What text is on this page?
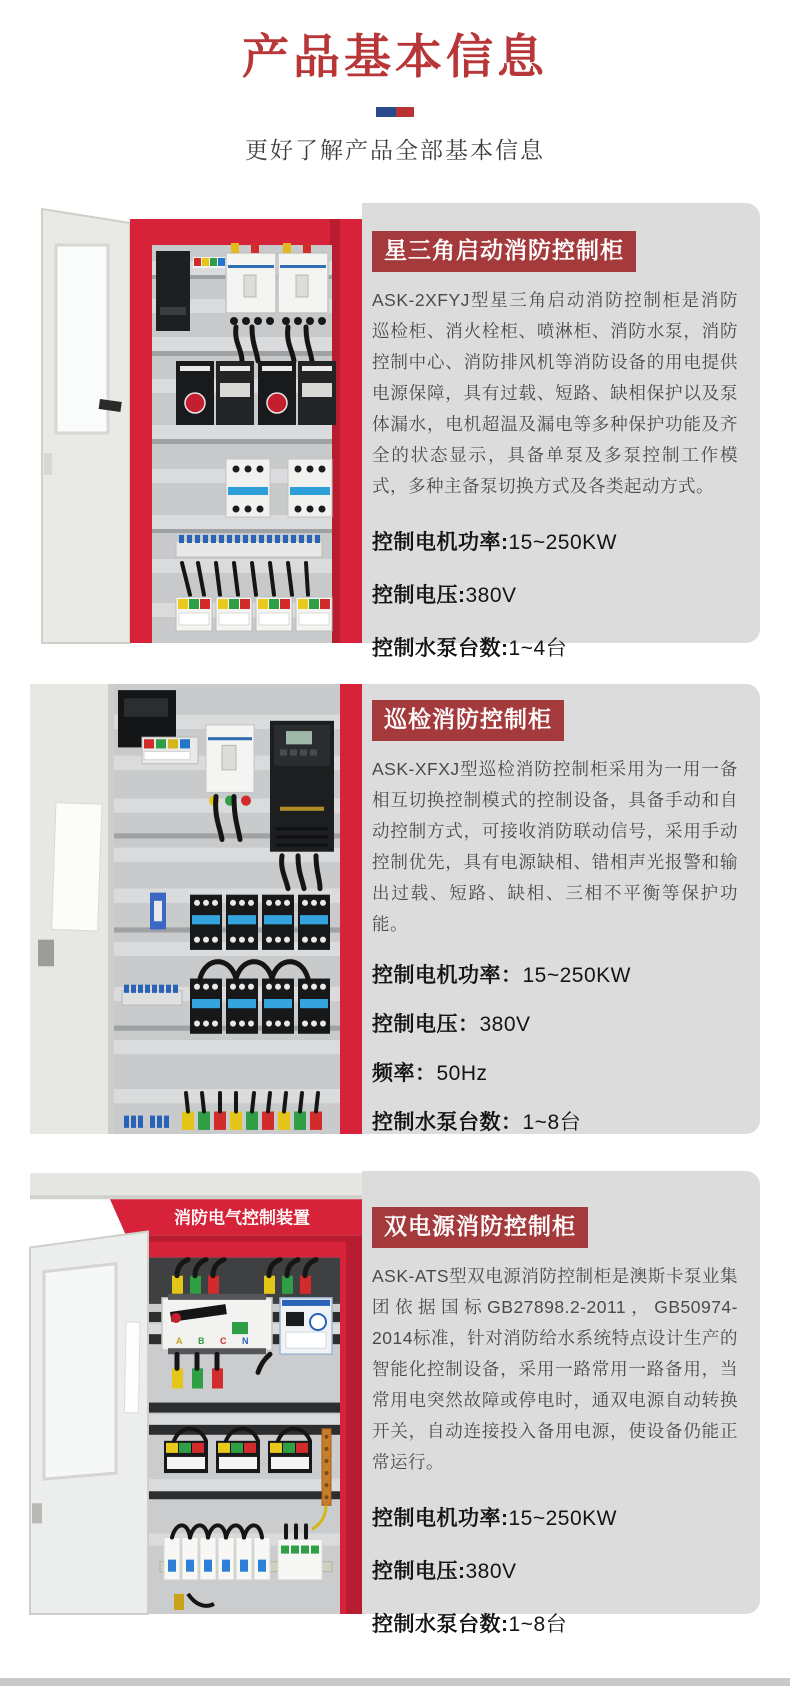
产品基本信息

更好了解产品全部基本信息

星三角启动消防控制柜

ASK-2XFYJ型星三角启动消防控制柜是消防巡检柜、消火栓柜、喷淋柜、消防水泵，消防控制中心、消防排风机等消防设备的用电提供电源保障，具有过载、短路、缺相保护以及泵体漏水，电机超温及漏电等多种保护功能及齐全的状态显示，具备单泵及多泵控制工作模式，多种主备泵切换方式及各类起动方式。

控制电机功率:15~250KW
控制电压:380V
控制水泵台数:1~4台
巡检消防控制柜

ASK-XFXJ型巡检消防控制柜采用为一用一备相互切换控制模式的控制设备，具备手动和自动控制方式，可接收消防联动信号，采用手动控制优先，具有电源缺相、错相声光报警和输出过载、短路、缺相、三相不平衡等保护功能。

控制电机功率：15~250KW
控制电压：380V
频率：50Hz
控制水泵台数：1~8台
消防电气控制装置
A B C N
双电源消防控制柜

ASK-ATS型双电源消防控制柜是澳斯卡泵业集团依据国标GB27898.2-2011，GB50974-2014标准，针对消防给水系统特点设计生产的智能化控制设备，采用一路常用一路备用，当常用电突然故障或停电时，通双电源自动转换开关，自动连接投入备用电源，使设备仍能正常运行。

控制电机功率:15~250KW
控制电压:380V
控制水泵台数:1~8台
